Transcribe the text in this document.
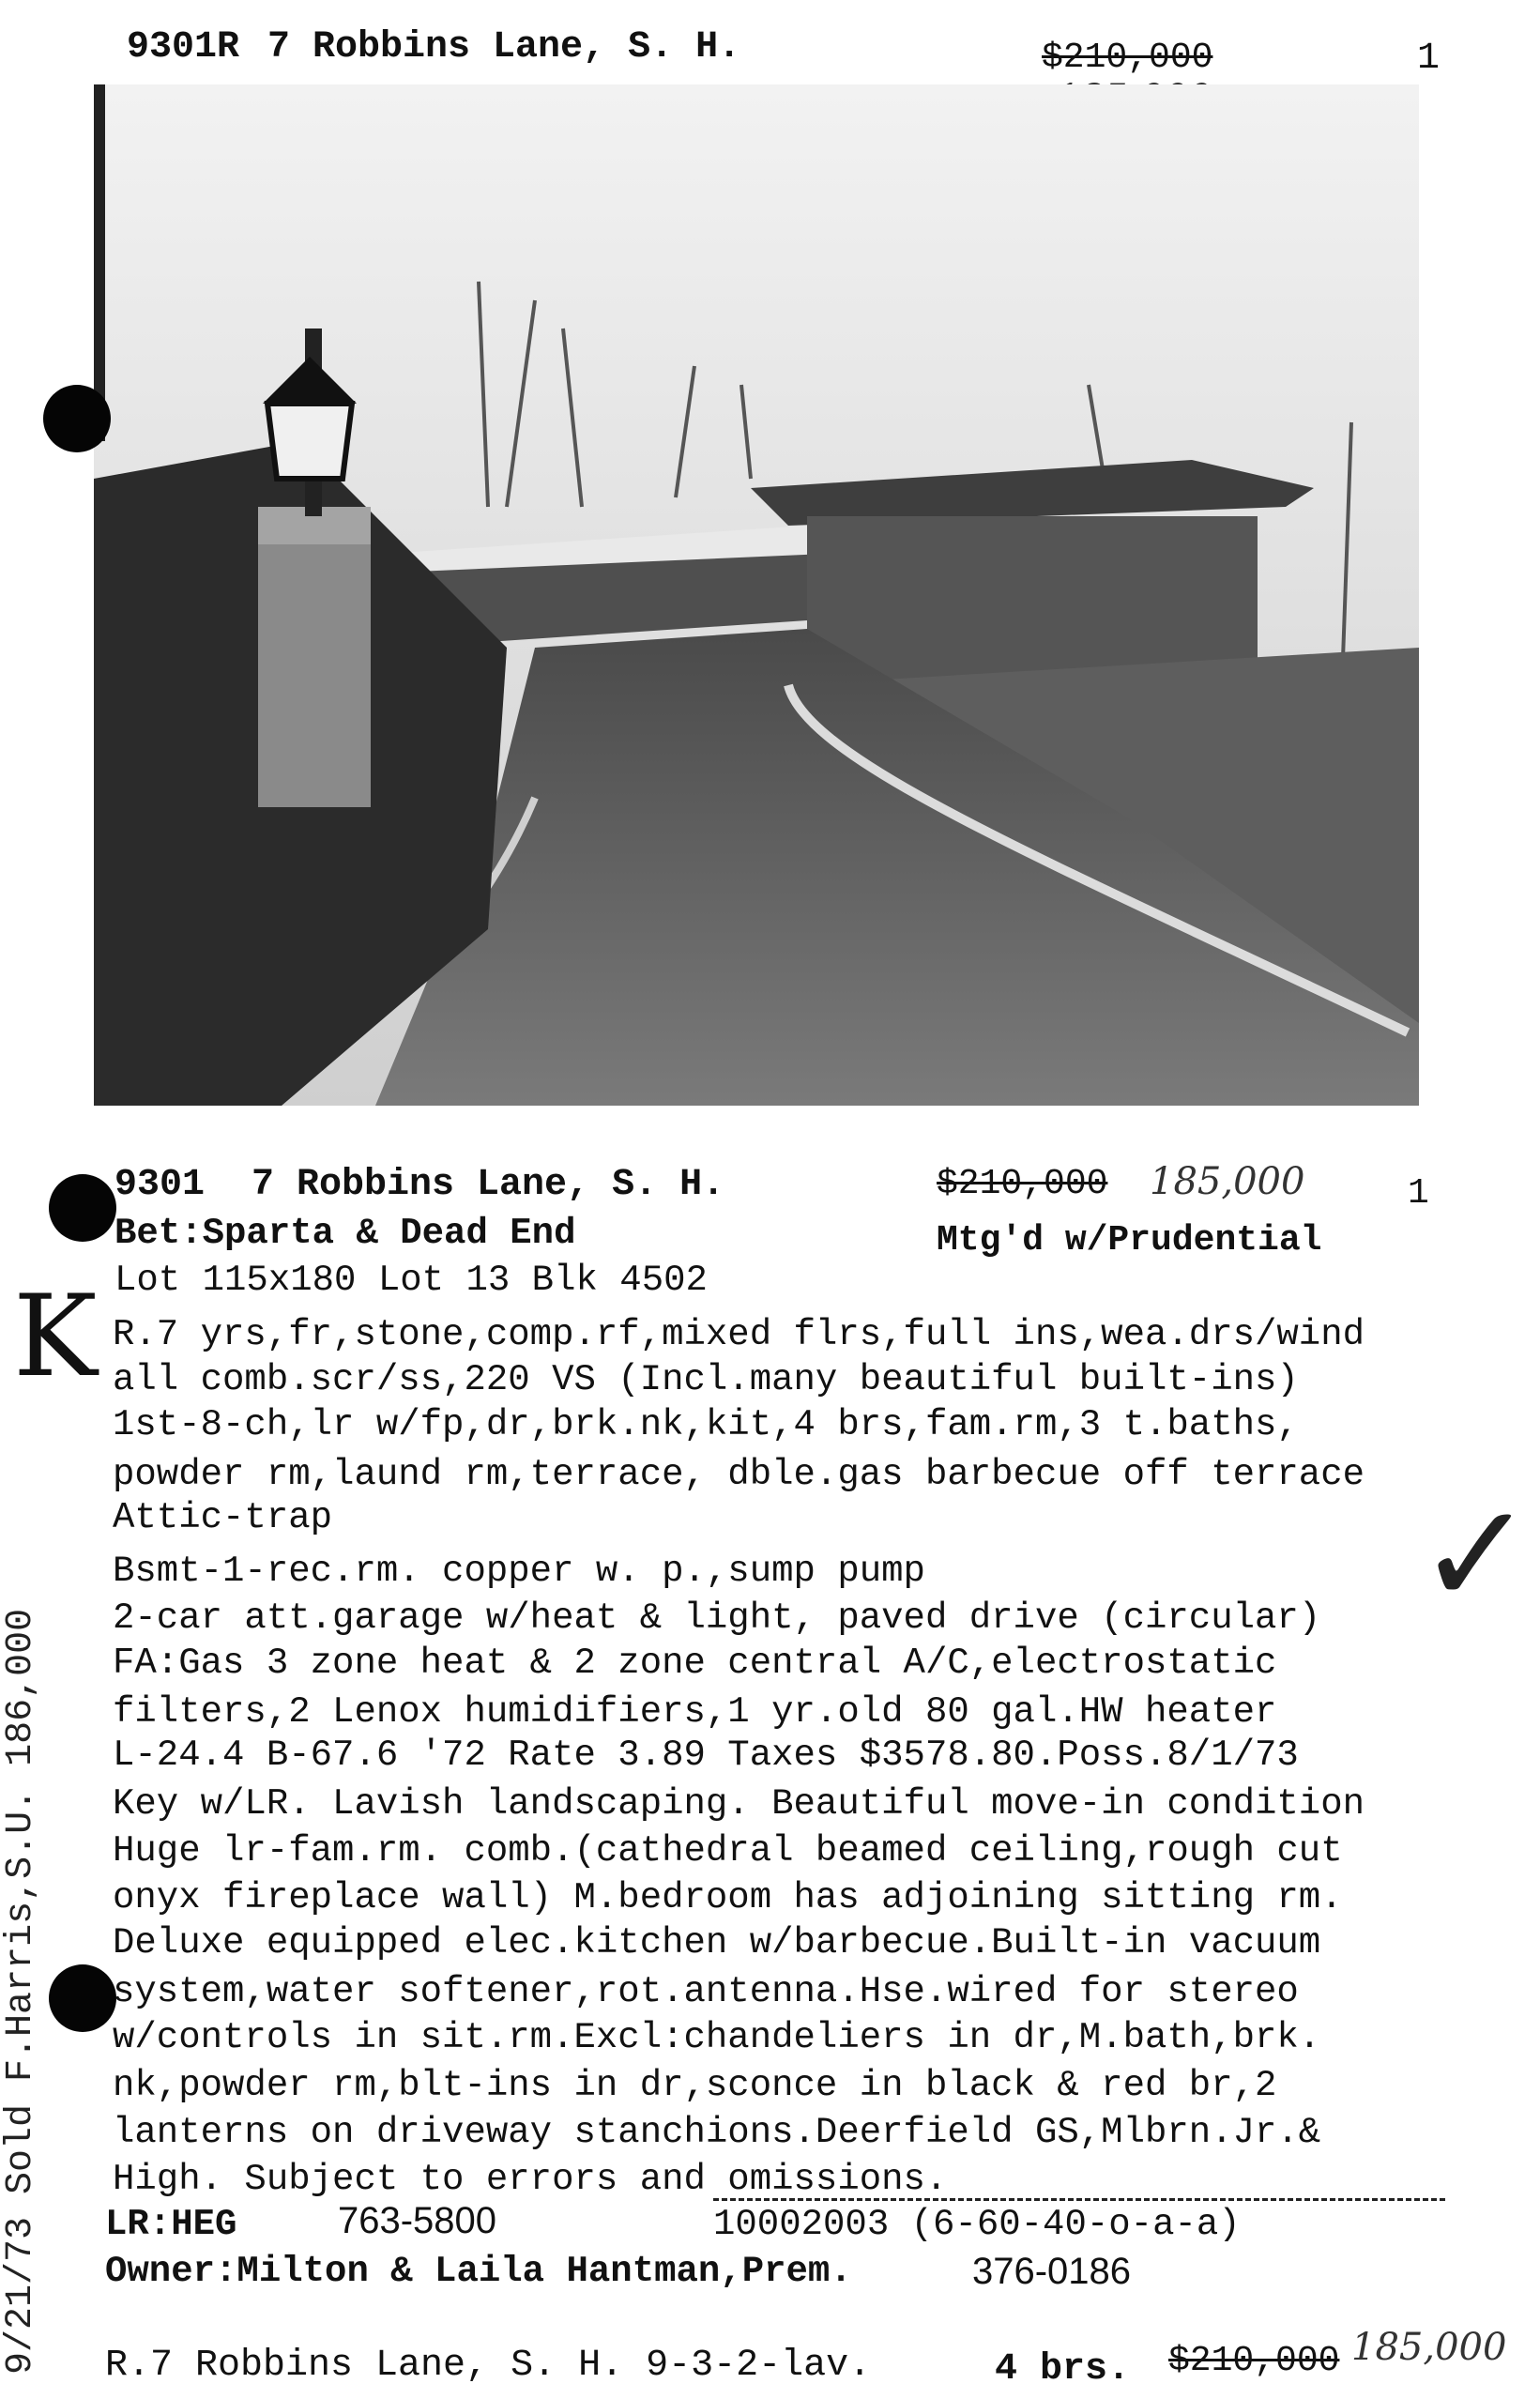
9301R 7 Robbins Lane, S. H.	$210,000	1
9301 7 Robbins Lane, S. H.	$210,000 185,000	1
Bet:Sparta & Dead End	Mtg'd w/Prudential
Lot 115x180 Lot 13 Blk 4502
K
✓
R.7 yrs,fr,stone,comp.rf,mixed flrs,full ins,wea.drs/wind
all comb.scr/ss,220 VS (Incl.many beautiful built-ins)
1st-8-ch,lr w/fp,dr,brk.nk,kit,4 brs,fam.rm,3 t.baths,
powder rm,laund rm,terrace, dble.gas barbecue off terrace
Attic-trap
Bsmt-1-rec.rm. copper w. p.,sump pump
2-car att.garage w/heat & light, paved drive (circular)
FA:Gas 3 zone heat & 2 zone central A/C,electrostatic
filters,2 Lenox humidifiers,1 yr.old 80 gal.HW heater
L-24.4 B-67.6 '72 Rate 3.89 Taxes $3578.80.Poss.8/1/73
Key w/LR. Lavish landscaping. Beautiful move-in condition
Huge lr-fam.rm. comb.(cathedral beamed ceiling,rough cut
onyx fireplace wall) M.bedroom has adjoining sitting rm.
Deluxe equipped elec.kitchen w/barbecue.Built-in vacuum
system,water softener,rot.antenna.Hse.wired for stereo
w/controls in sit.rm.Excl:chandeliers in dr,M.bath,brk.
nk,powder rm,blt-ins in dr,sconce in black & red br,2
lanterns on driveway stanchions.Deerfield GS,Mlbrn.Jr.&
High. Subject to errors and omissions.
LR:HEG	763-5800	10002003 (6-60-40-o-a-a)
Owner:Milton & Laila Hantman,Prem.	376-0186
R.7 Robbins Lane, S. H. 9-3-2-lav.	4 brs. $210,000 185,000
9/21/73 Sold F.Harris,S.U. 186,000
